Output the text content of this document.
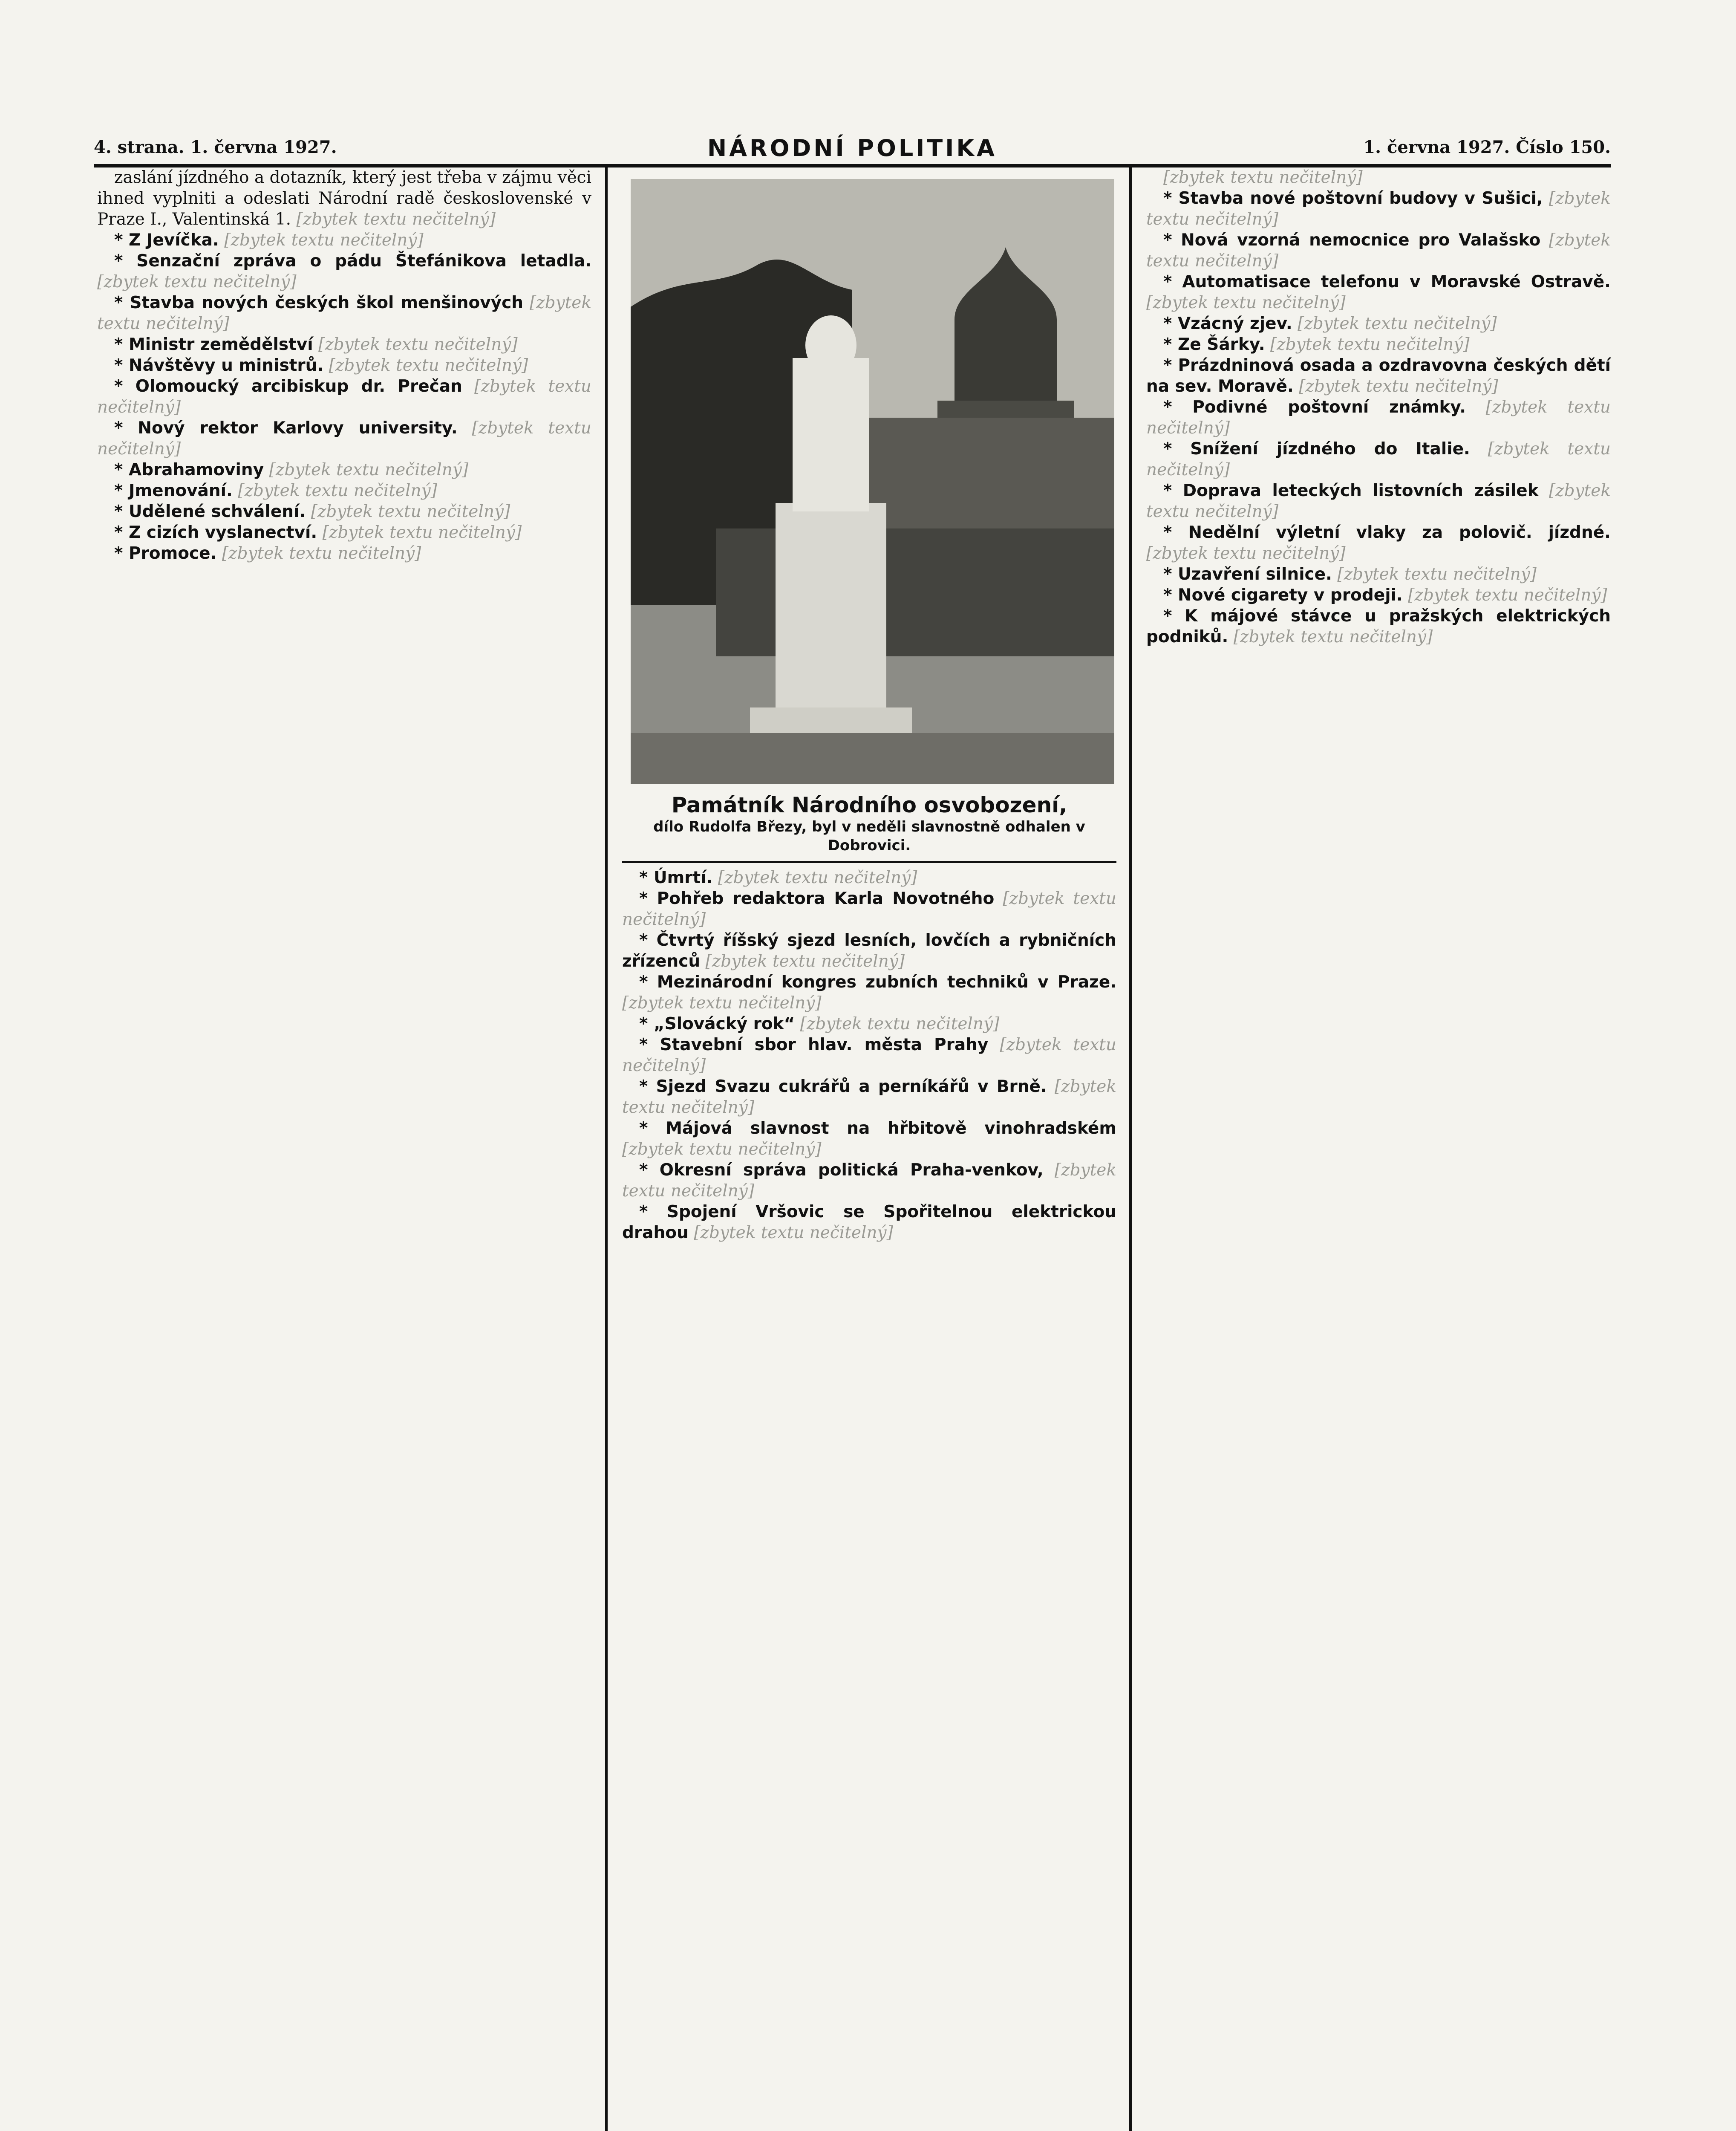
4. strana. 1. června 1927.	NÁRODNÍ POLITIKA	1. června 1927. Číslo 150.

zaslání jízdného a dotazník, který jest třeba v zájmu věci ihned vyplniti a odeslati Národní radě československé v Praze I., Valentinská 1. [zbytek textu nečitelný]

* Z Jevíčka. [zbytek textu nečitelný]

* Senzační zpráva o pádu Štefánikova letadla. [zbytek textu nečitelný]

* Stavba nových českých škol menšinových [zbytek textu nečitelný]

* Ministr zemědělství [zbytek textu nečitelný]

* Návštěvy u ministrů. [zbytek textu nečitelný]

* Olomoucký arcibiskup dr. Prečan [zbytek textu nečitelný]

* Nový rektor Karlovy university. [zbytek textu nečitelný]

* Abrahamoviny [zbytek textu nečitelný]

* Jmenování. [zbytek textu nečitelný]

* Udělené schválení. [zbytek textu nečitelný]

* Z cizích vyslanectví. [zbytek textu nečitelný]

* Promoce. [zbytek textu nečitelný]

Památník Národního osvobození,
dílo Rudolfa Březy, byl v neděli slavnostně odhalen v Dobrovici.

* Úmrtí. [zbytek textu nečitelný]

* Pohřeb redaktora Karla Novotného [zbytek textu nečitelný]

* Čtvrtý říšský sjezd lesních, lovčích a rybničních zřízenců [zbytek textu nečitelný]

* Mezinárodní kongres zubních techniků v Praze. [zbytek textu nečitelný]

* „Slovácký rok“ [zbytek textu nečitelný]

* Stavební sbor hlav. města Prahy [zbytek textu nečitelný]

* Sjezd Svazu cukrářů a perníkářů v Brně. [zbytek textu nečitelný]

* Májová slavnost na hřbitově vinohradském [zbytek textu nečitelný]

* Okresní správa politická Praha-venkov, [zbytek textu nečitelný]

* Spojení Vršovic se Spořitelnou elektrickou drahou [zbytek textu nečitelný]

[zbytek textu nečitelný]

* Stavba nové poštovní budovy v Sušici, [zbytek textu nečitelný]

* Nová vzorná nemocnice pro Valašsko [zbytek textu nečitelný]

* Automatisace telefonu v Moravské Ostravě. [zbytek textu nečitelný]

* Vzácný zjev. [zbytek textu nečitelný]

* Ze Šárky. [zbytek textu nečitelný]

* Prázdninová osada a ozdravovna českých dětí na sev. Moravě. [zbytek textu nečitelný]

* Podivné poštovní známky. [zbytek textu nečitelný]

* Snížení jízdného do Italie. [zbytek textu nečitelný]

* Doprava leteckých listovních zásilek [zbytek textu nečitelný]

* Nedělní výletní vlaky za polovič. jízdné. [zbytek textu nečitelný]

* Uzavření silnice. [zbytek textu nečitelný]

* Nové cigarety v prodeji. [zbytek textu nečitelný]

* K májové stávce u pražských elektrických podniků. [zbytek textu nečitelný]
